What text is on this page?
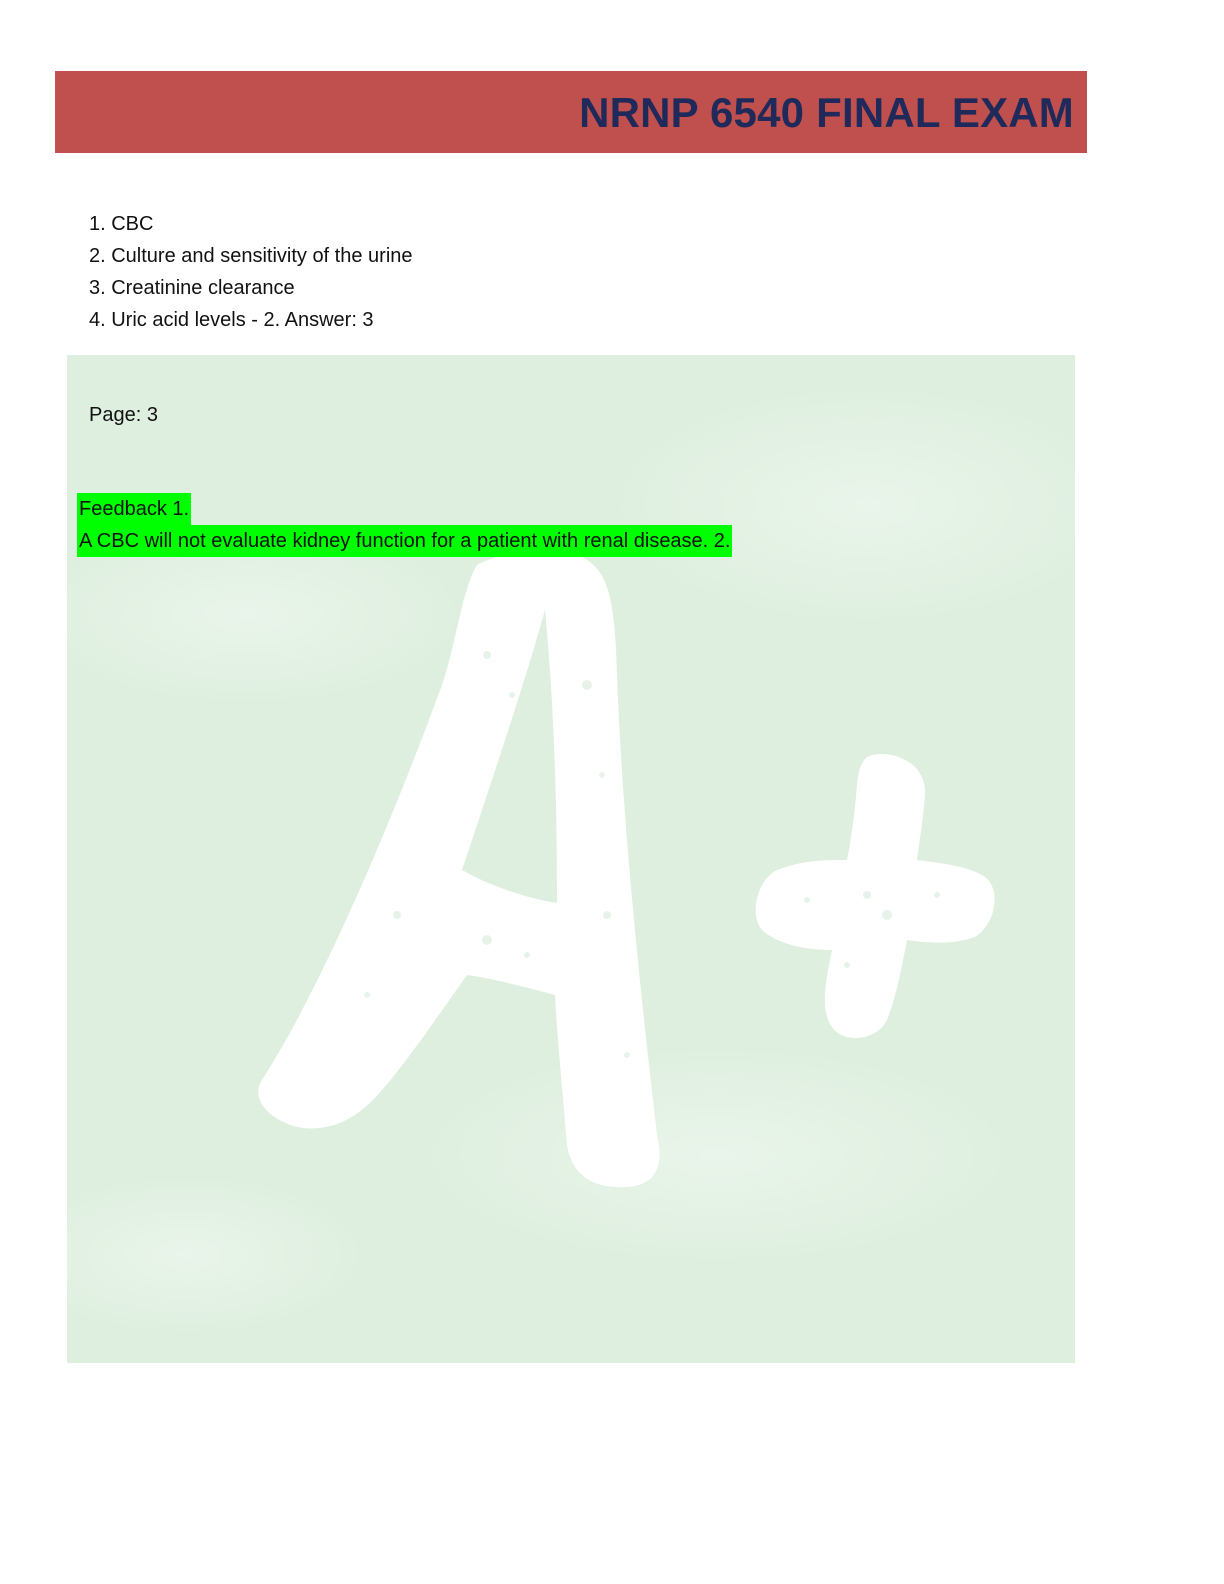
NRNP 6540 FINAL EXAM
1. CBC
2. Culture and sensitivity of the urine
3. Creatinine clearance
4. Uric acid levels - 2. Answer: 3
Page: 3
Feedback 1.
A CBC will not evaluate kidney function for a patient with renal disease. 2.
